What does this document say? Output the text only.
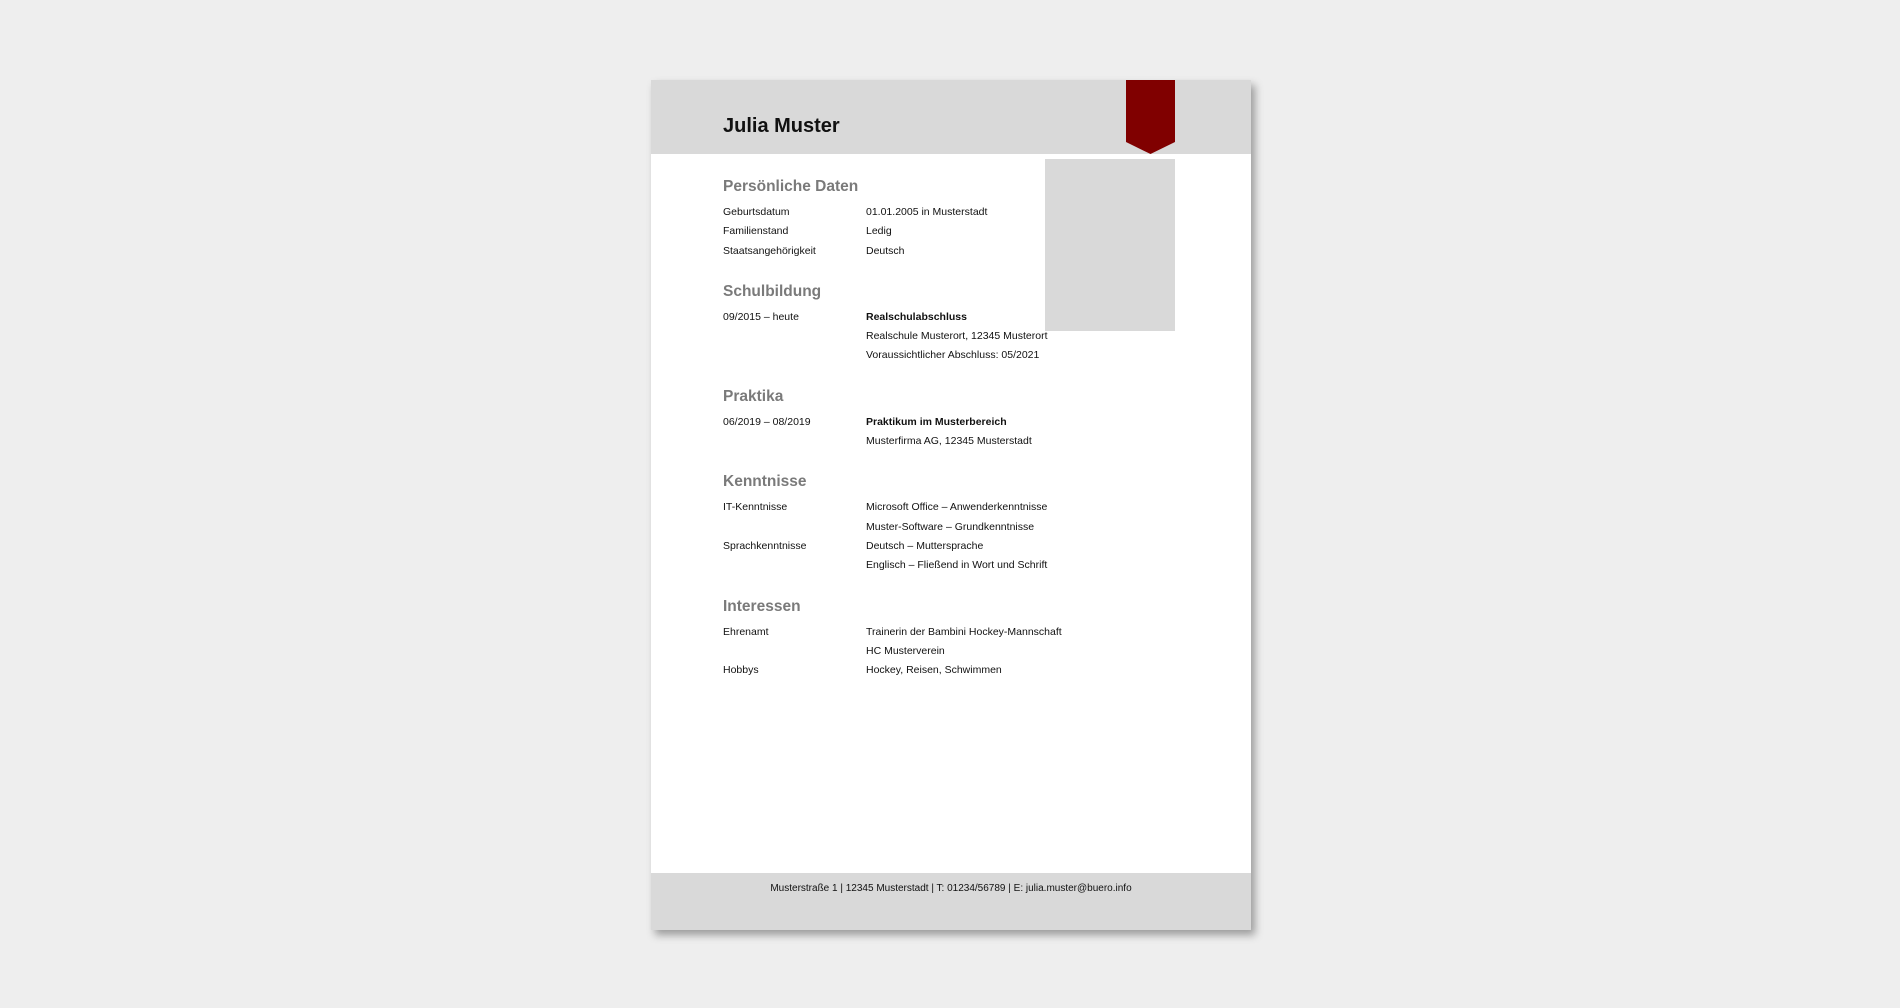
Julia Muster
Persönliche Daten
Geburtsdatum	01.01.2005 in Musterstadt
Familienstand	Ledig
Staatsangehörigkeit	Deutsch
Schulbildung
09/2015 – heute	Realschulabschluss
Realschule Musterort, 12345 Musterort
Voraussichtlicher Abschluss: 05/2021
Praktika
06/2019 – 08/2019	Praktikum im Musterbereich
Musterfirma AG, 12345 Musterstadt
Kenntnisse
IT-Kenntnisse	Microsoft Office – Anwenderkenntnisse
Muster-Software – Grundkenntnisse
Sprachkenntnisse	Deutsch – Muttersprache
Englisch – Fließend in Wort und Schrift
Interessen
Ehrenamt	Trainerin der Bambini Hockey-Mannschaft
HC Musterverein
Hobbys	Hockey, Reisen, Schwimmen
Musterstraße 1 | 12345 Musterstadt | T: 01234/56789 | E: julia.muster@buero.info
